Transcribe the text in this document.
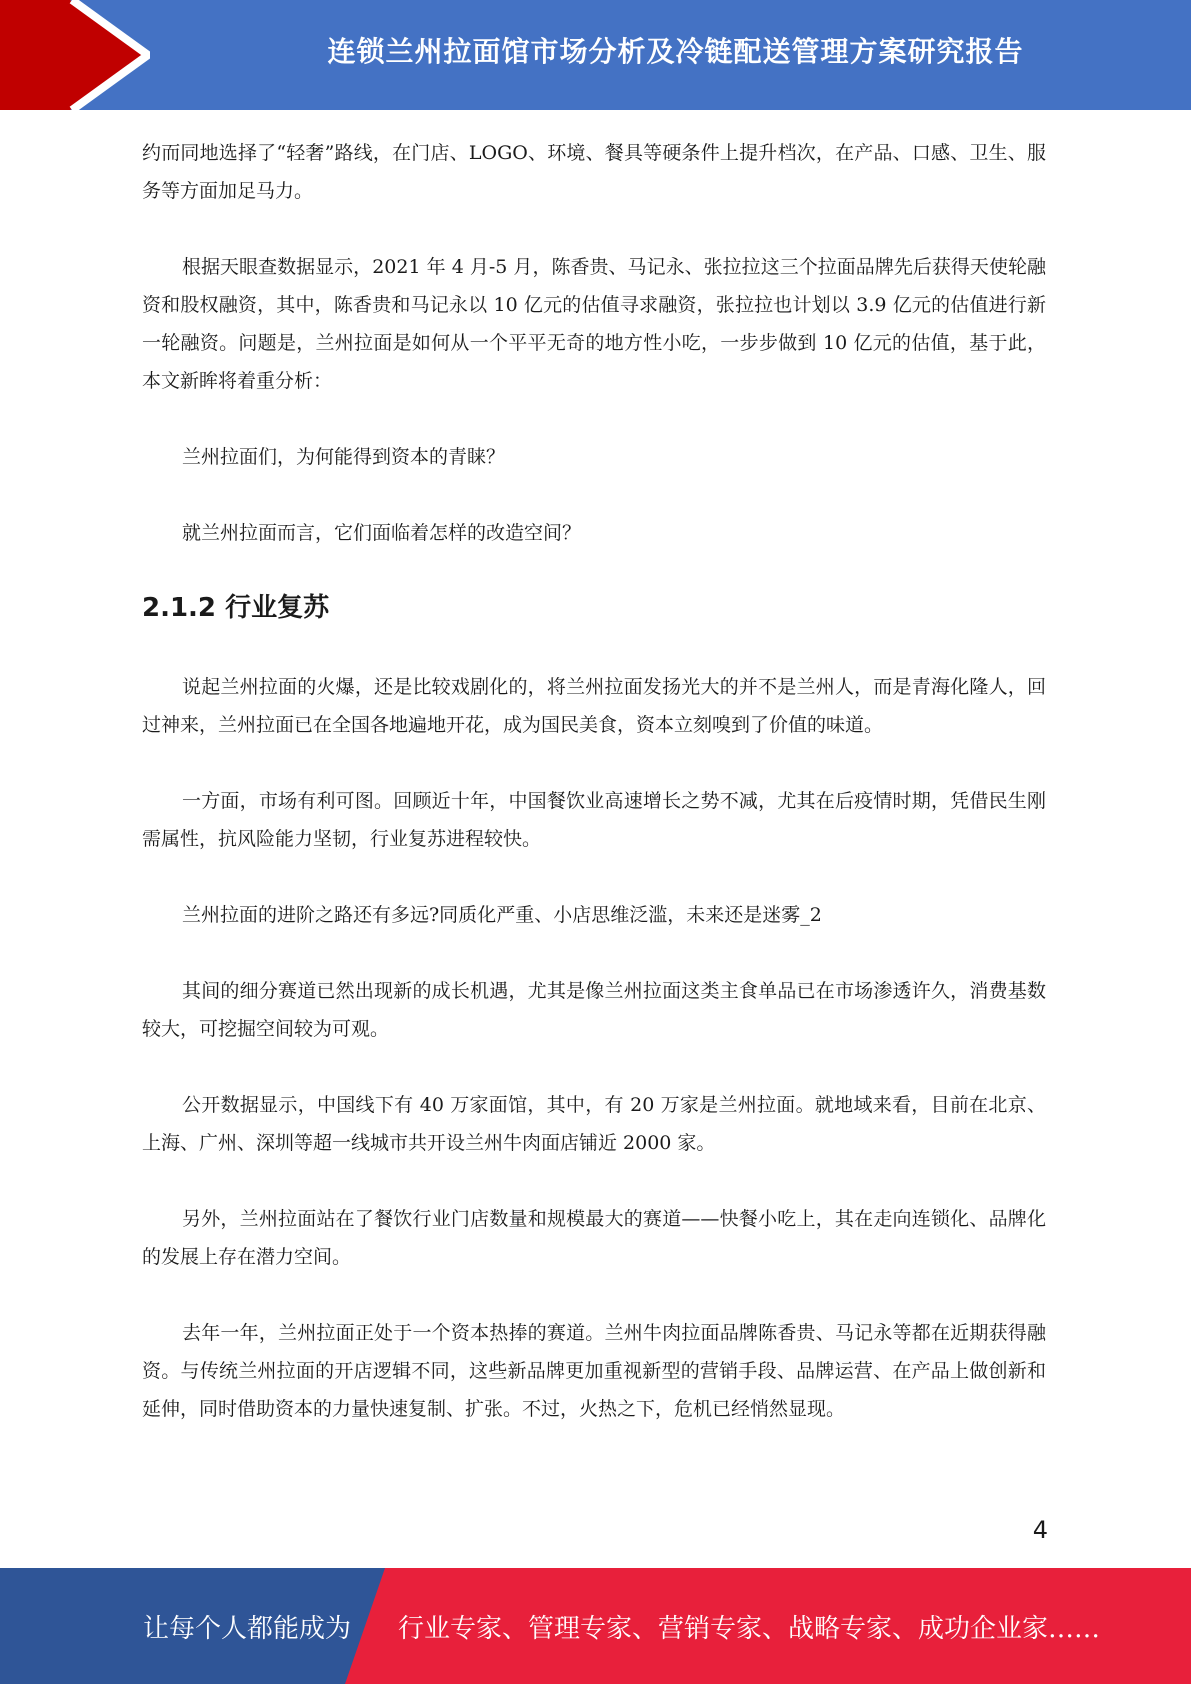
连锁兰州拉面馆市场分析及冷链配送管理方案研究报告

约而同地选择了“轻奢”路线，在门店、LOGO、环境、餐具等硬条件上提升档次，在产品、口感、卫生、服务等方面加足马力。

根据天眼查数据显示，2021 年 4 月-5 月，陈香贵、马记永、张拉拉这三个拉面品牌先后获得天使轮融资和股权融资，其中，陈香贵和马记永以 10 亿元的估值寻求融资，张拉拉也计划以 3.9 亿元的估值进行新一轮融资。问题是，兰州拉面是如何从一个平平无奇的地方性小吃，一步步做到 10 亿元的估值，基于此，本文新眸将着重分析：

兰州拉面们，为何能得到资本的青睐？

就兰州拉面而言，它们面临着怎样的改造空间？

2.1.2 行业复苏

说起兰州拉面的火爆，还是比较戏剧化的，将兰州拉面发扬光大的并不是兰州人，而是青海化隆人，回过神来，兰州拉面已在全国各地遍地开花，成为国民美食，资本立刻嗅到了价值的味道。

一方面，市场有利可图。回顾近十年，中国餐饮业高速增长之势不减，尤其在后疫情时期，凭借民生刚需属性，抗风险能力坚韧，行业复苏进程较快。

兰州拉面的进阶之路还有多远?同质化严重、小店思维泛滥，未来还是迷雾_2

其间的细分赛道已然出现新的成长机遇，尤其是像兰州拉面这类主食单品已在市场渗透许久，消费基数较大，可挖掘空间较为可观。

公开数据显示，中国线下有 40 万家面馆，其中，有 20 万家是兰州拉面。就地域来看，目前在北京、上海、广州、深圳等超一线城市共开设兰州牛肉面店铺近 2000 家。

另外，兰州拉面站在了餐饮行业门店数量和规模最大的赛道——快餐小吃上，其在走向连锁化、品牌化的发展上存在潜力空间。

去年一年，兰州拉面正处于一个资本热捧的赛道。兰州牛肉拉面品牌陈香贵、马记永等都在近期获得融资。与传统兰州拉面的开店逻辑不同，这些新品牌更加重视新型的营销手段、品牌运营、在产品上做创新和延伸，同时借助资本的力量快速复制、扩张。不过，火热之下，危机已经悄然显现。

4
让每个人都能成为 行业专家、管理专家、营销专家、战略专家、成功企业家……
